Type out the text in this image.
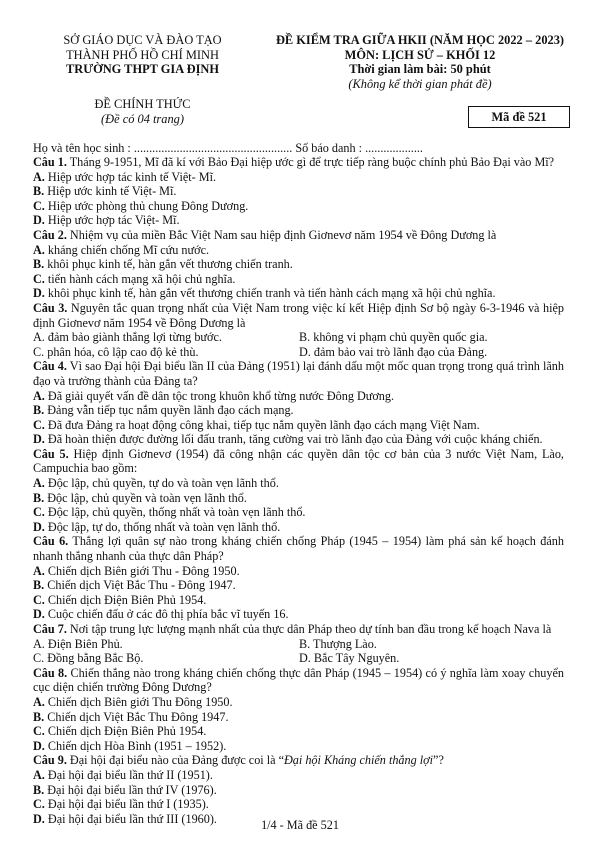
SỞ GIÁO DỤC VÀ ĐÀO TẠO
THÀNH PHỐ HỒ CHÍ MINH
TRƯỜNG THPT GIA ĐỊNH
ĐỀ KIỂM TRA GIỮA HKII (NĂM HỌC 2022 – 2023)
MÔN: LỊCH SỬ – KHỐI 12
Thời gian làm bài: 50 phút
(Không kể thời gian phát đề)
ĐỀ CHÍNH THỨC
(Đề có 04 trang)	Mã đề 521
Họ và tên học sinh : .................................................... Số báo danh : ...................

Câu 1. Tháng 9-1951, Mĩ đã kí với Bảo Đại hiệp ước gì để trực tiếp ràng buộc chính phủ Bảo Đại vào Mĩ?

A. Hiệp ước hợp tác kinh tế Việt- Mĩ.

B. Hiệp ước kinh tế Việt- Mĩ.

C. Hiệp ước phòng thủ chung Đông Dương.

D. Hiệp ước hợp tác Việt- Mĩ.

Câu 2. Nhiệm vụ của miền Bắc Việt Nam sau hiệp định Giơnevơ năm 1954 về Đông Dương là

A. kháng chiến chống Mĩ cứu nước.

B. khôi phục kinh tế, hàn gắn vết thương chiến tranh.

C. tiến hành cách mạng xã hội chủ nghĩa.

D. khôi phục kinh tế, hàn gắn vết thương chiến tranh và tiến hành cách mạng xã hội chủ nghĩa.

Câu 3. Nguyên tắc quan trọng nhất của Việt Nam trong việc kí kết Hiệp định Sơ bộ ngày 6-3-1946 và hiệp định Giơnevơ năm 1954 về Đông Dương là

A. đảm bảo giành thắng lợi từng bước.	B. không vi phạm chủ quyền quốc gia.
C. phân hóa, cô lập cao độ kẻ thù.	D. đảm bảo vai trò lãnh đạo của Đảng.

Câu 4. Vì sao Đại hội Đại biểu lần II của Đảng (1951) lại đánh dấu một mốc quan trọng trong quá trình lãnh đạo và trưởng thành của Đảng ta?

A. Đã giải quyết vấn đề dân tộc trong khuôn khổ từng nước Đông Dương.

B. Đảng vẫn tiếp tục nắm quyền lãnh đạo cách mạng.

C. Đã đưa Đảng ra hoạt động công khai, tiếp tục nắm quyền lãnh đạo cách mạng Việt Nam.

D. Đã hoàn thiện được đường lối đấu tranh, tăng cường vai trò lãnh đạo của Đảng với cuộc kháng chiến.

Câu 5. Hiệp định Giơnevơ (1954) đã công nhận các quyền dân tộc cơ bản của 3 nước Việt Nam, Lào, Campuchia bao gồm:

A. Độc lập, chủ quyền, tự do và toàn vẹn lãnh thổ.

B. Độc lập, chủ quyền và toàn vẹn lãnh thổ.

C. Độc lập, chủ quyền, thống nhất và toàn vẹn lãnh thổ.

D. Độc lập, tự do, thống nhất và toàn vẹn lãnh thổ.

Câu 6. Thắng lợi quân sự nào trong kháng chiến chống Pháp (1945 – 1954) làm phá sản kế hoạch đánh nhanh thắng nhanh của thực dân Pháp?

A. Chiến dịch Biên giới Thu - Đông 1950.

B. Chiến dịch Việt Bắc Thu - Đông 1947.

C. Chiến dịch Điện Biên Phủ 1954.

D. Cuộc chiến đấu ở các đô thị phía bắc vĩ tuyến 16.

Câu 7. Nơi tập trung lực lượng mạnh nhất của thực dân Pháp theo dự tính ban đầu trong kế hoạch Nava là

A. Điện Biên Phủ.	B. Thượng Lào.
C. Đồng bằng Bắc Bộ.	D. Bắc Tây Nguyên.

Câu 8. Chiến thắng nào trong kháng chiến chống thực dân Pháp (1945 – 1954) có ý nghĩa làm xoay chuyển cục diện chiến trường Đông Dương?

A. Chiến dịch Biên giới Thu Đông 1950.

B. Chiến dịch Việt Bắc Thu Đông 1947.

C. Chiến dịch Điện Biên Phủ 1954.

D. Chiến dịch Hòa Bình (1951 – 1952).

Câu 9. Đại hội đại biểu nào của Đảng được coi là “Đại hội Kháng chiến thắng lợi”?

A. Đại hội đại biểu lần thứ II (1951).

B. Đại hội đại biểu lần thứ IV (1976).

C. Đại hội đại biểu lần thứ I (1935).

D. Đại hội đại biểu lần thứ III (1960).	1/4 - Mã đề 521
